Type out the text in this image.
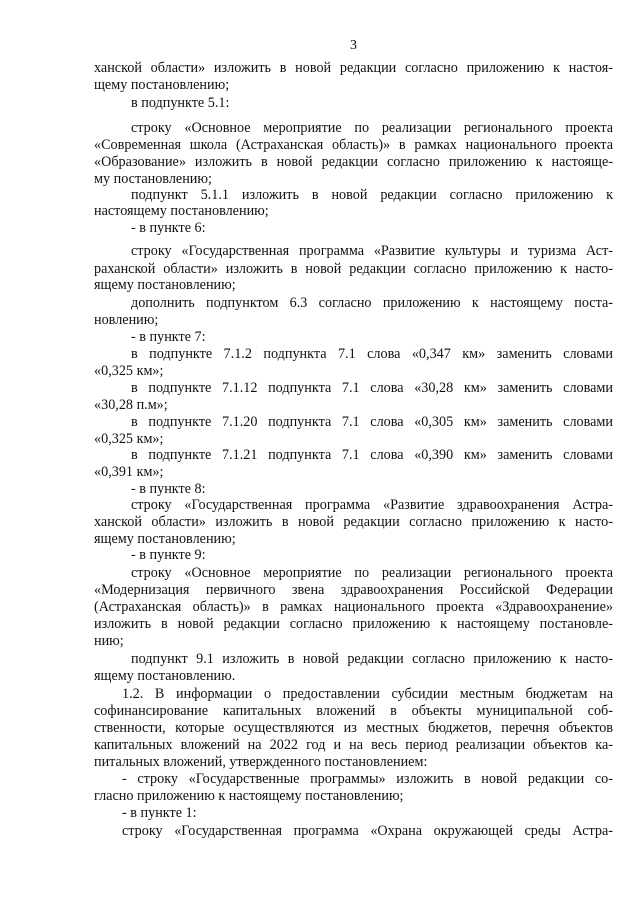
3
ханской области» изложить в новой редакции согласно приложению к настоя-
щему постановлению;
в подпункте 5.1:
строку «Основное мероприятие по реализации регионального проекта
«Современная школа (Астраханская область)» в рамках национального проекта
«Образование» изложить в новой редакции согласно приложению к настояще-
му постановлению;
подпункт 5.1.1 изложить в новой редакции согласно приложению к
настоящему постановлению;
- в пункте 6:
строку «Государственная программа «Развитие культуры и туризма Аст-
раханской области» изложить в новой редакции согласно приложению к насто-
ящему постановлению;
дополнить подпунктом 6.3 согласно приложению к настоящему поста-
новлению;
- в пункте 7:
в подпункте 7.1.2 подпункта 7.1 слова «0,347 км» заменить словами
«0,325 км»;
в подпункте 7.1.12 подпункта 7.1 слова «30,28 км» заменить словами
«30,28 п.м»;
в подпункте 7.1.20 подпункта 7.1 слова «0,305 км» заменить словами
«0,325 км»;
в подпункте 7.1.21 подпункта 7.1 слова «0,390 км» заменить словами
«0,391 км»;
- в пункте 8:
строку «Государственная программа «Развитие здравоохранения Астра-
ханской области» изложить в новой редакции согласно приложению к насто-
ящему постановлению;
- в пункте 9:
строку «Основное мероприятие по реализации регионального проекта
«Модернизация первичного звена здравоохранения Российской Федерации
(Астраханская область)» в рамках национального проекта «Здравоохранение»
изложить в новой редакции согласно приложению к настоящему постановле-
нию;
подпункт 9.1 изложить в новой редакции согласно приложению к насто-
ящему постановлению.
1.2. В информации о предоставлении субсидии местным бюджетам на
софинансирование капитальных вложений в объекты муниципальной соб-
ственности, которые осуществляются из местных бюджетов, перечня объектов
капитальных вложений на 2022 год и на весь период реализации объектов ка-
питальных вложений, утвержденного постановлением:
- строку «Государственные программы» изложить в новой редакции со-
гласно приложению к настоящему постановлению;
- в пункте 1:
строку «Государственная программа «Охрана окружающей среды Астра-
